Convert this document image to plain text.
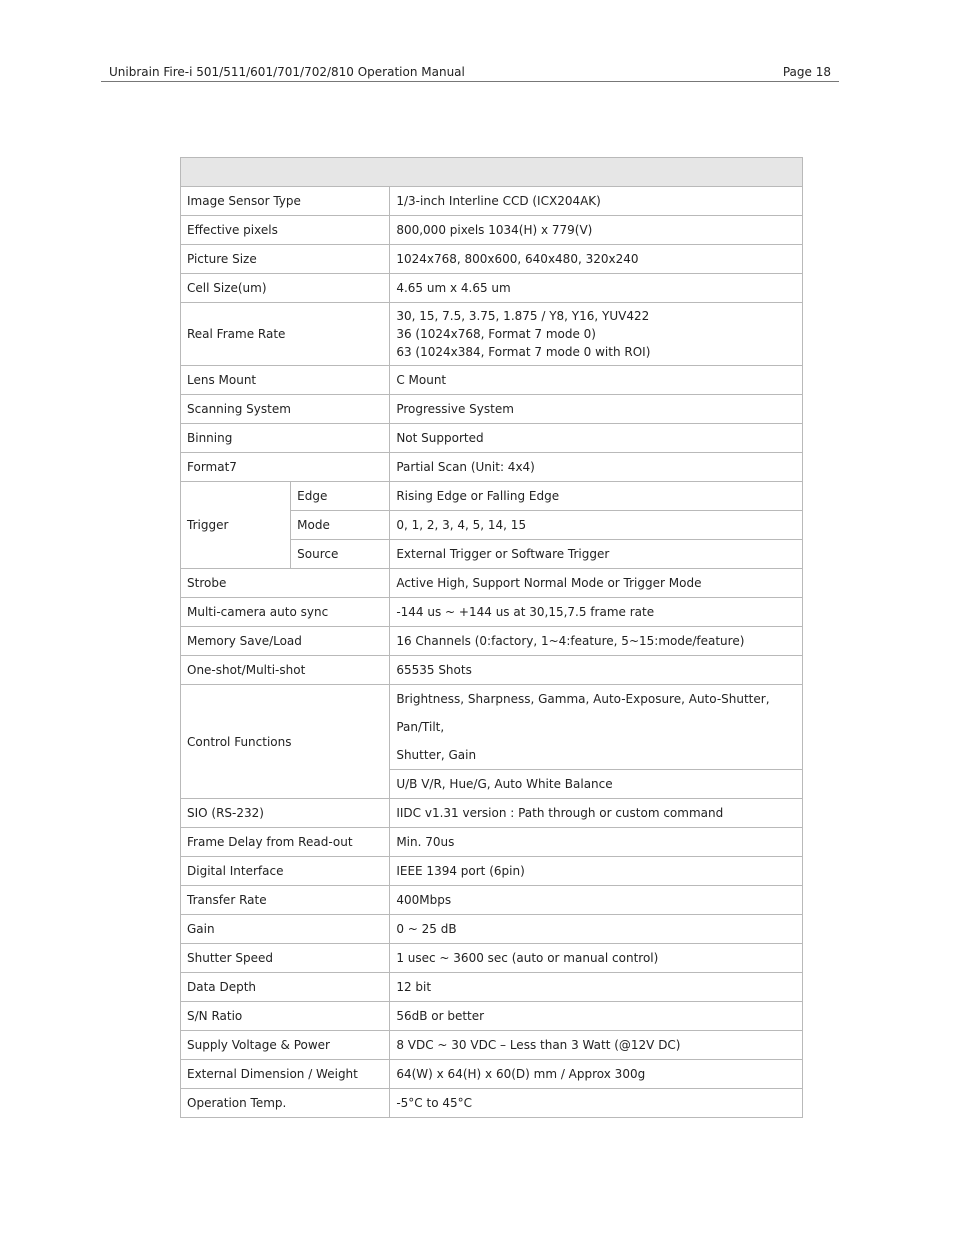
Unibrain Fire-i 501/511/601/701/702/810 Operation Manual	Page 18

Image Sensor Type		1/3-inch Interline CCD (ICX204AK)
Effective pixels		800,000 pixels 1034(H) x 779(V)
Picture Size		1024x768, 800x600, 640x480, 320x240
Cell Size(um)		4.65 um x 4.65 um
Real Frame Rate		30, 15, 7.5, 3.75, 1.875 / Y8, Y16, YUV422
36 (1024x768, Format 7 mode 0)
63 (1024x384, Format 7 mode 0 with ROI)

Lens Mount		C Mount
Scanning System		Progressive System
Binning		Not Supported
Format7		Partial Scan (Unit: 4x4)
Trigger	Edge	Rising Edge or Falling Edge
	Mode	0, 1, 2, 3, 4, 5, 14, 15
	Source	External Trigger or Software Trigger
Strobe		Active High, Support Normal Mode or Trigger Mode
Multi-camera auto sync		-144 us ~ +144 us at 30,15,7.5 frame rate
Memory Save/Load		16 Channels (0:factory, 1~4:feature, 5~15:mode/feature)
One-shot/Multi-shot		65535 Shots
Control Functions		Brightness, Sharpness, Gamma, Auto-Exposure, Auto-Shutter, Pan/Tilt,
Shutter, Gain

		U/B V/R, Hue/G, Auto White Balance
SIO (RS-232)		IIDC v1.31 version : Path through or custom command
Frame Delay from Read-out		Min. 70us
Digital Interface		IEEE 1394 port (6pin)
Transfer Rate		400Mbps
Gain		0 ~ 25 dB
Shutter Speed		1 usec ~ 3600 sec (auto or manual control)
Data Depth		12 bit
S/N Ratio		56dB or better
Supply Voltage & Power		8 VDC ~ 30 VDC – Less than 3 Watt (@12V DC)
External Dimension / Weight		64(W) x 64(H) x 60(D) mm / Approx 300g
Operation Temp.		-5°C to 45°C
